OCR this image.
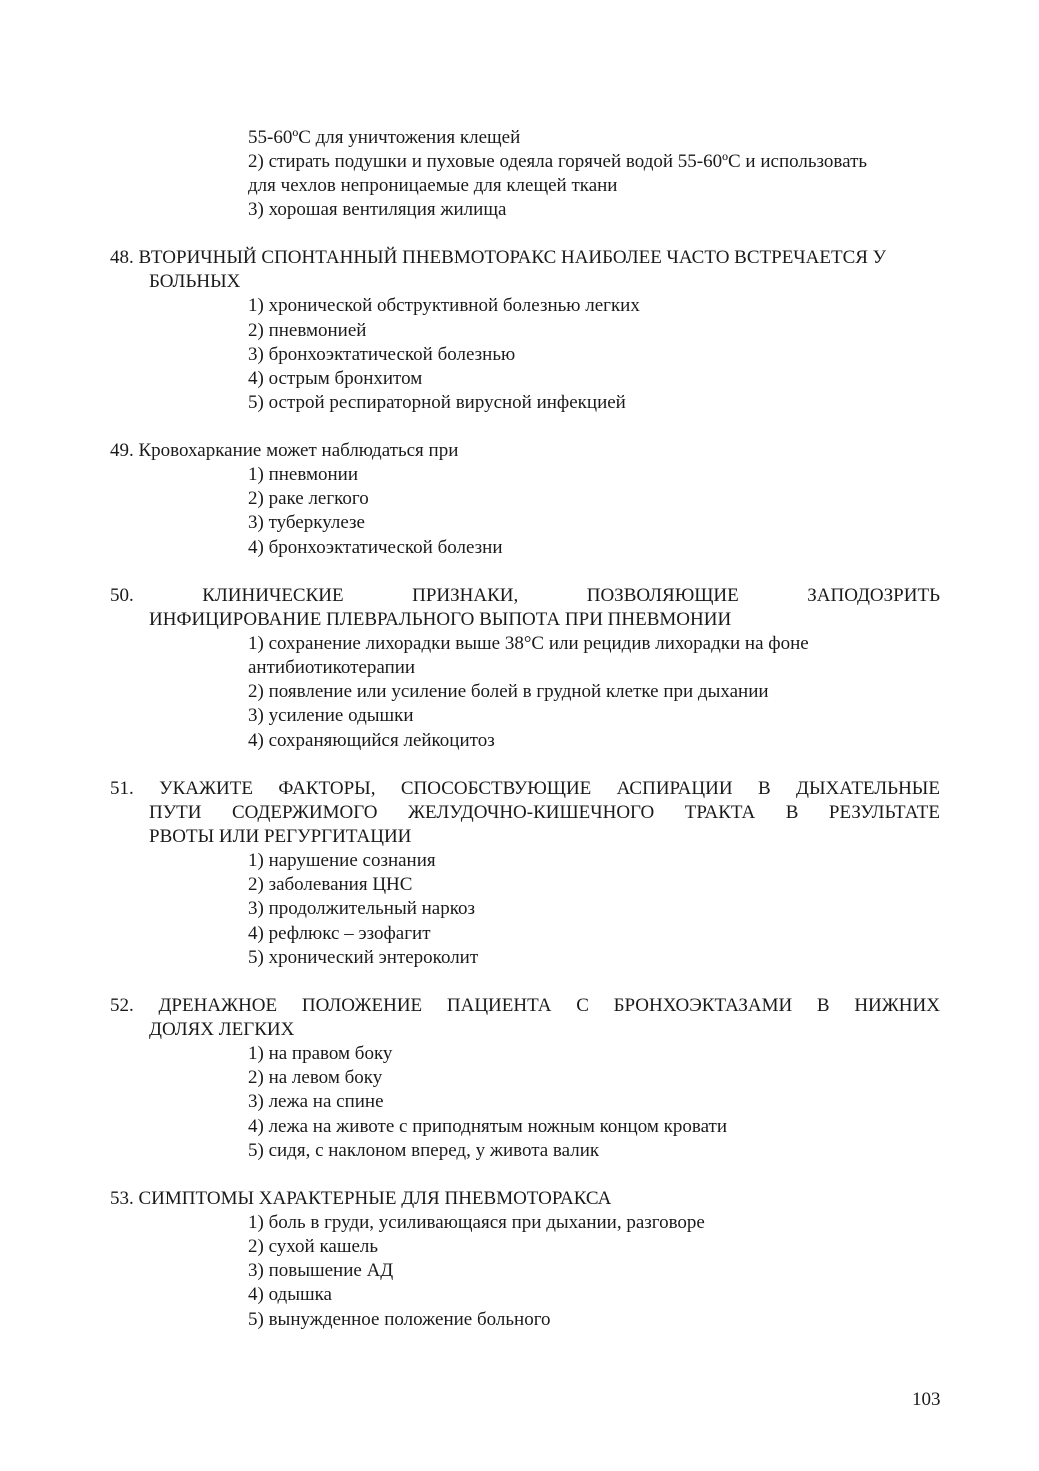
55-60ºС для уничтожения клещей
2) стирать подушки и пуховые одеяла горячей водой 55-60ºС и использовать
для чехлов непроницаемые для клещей ткани
3) хорошая вентиляция жилища
48. ВТОРИЧНЫЙ СПОНТАННЫЙ ПНЕВМОТОРАКС НАИБОЛЕЕ ЧАСТО ВСТРЕЧАЕТСЯ У
БОЛЬНЫХ
1) хронической обструктивной болезнью легких
2) пневмонией
3) бронхоэктатической болезнью
4) острым бронхитом
5) острой респираторной вирусной инфекцией
49. Кровохаркание может наблюдаться при
1) пневмонии
2) раке легкого
3) туберкулезе
4) бронхоэктатической болезни
50.	КЛИНИЧЕСКИЕ	ПРИЗНАКИ,	ПОЗВОЛЯЮЩИЕ	ЗАПОДОЗРИТЬ
ИНФИЦИРОВАНИЕ ПЛЕВРАЛЬНОГО ВЫПОТА ПРИ ПНЕВМОНИИ
1) сохранение лихорадки выше 38°С или рецидив лихорадки на фоне
антибиотикотерапии
2) появление или усиление болей в грудной клетке при дыхании
3) усиление одышки
4) сохраняющийся лейкоцитоз
51. УКАЖИТЕ ФАКТОРЫ, СПОСОБСТВУЮЩИЕ АСПИРАЦИИ В ДЫХАТЕЛЬНЫЕ
ПУТИ СОДЕРЖИМОГО ЖЕЛУДОЧНО-КИШЕЧНОГО ТРАКТА В РЕЗУЛЬТАТЕ
РВОТЫ ИЛИ РЕГУРГИТАЦИИ
1) нарушение сознания
2) заболевания ЦНС
3) продолжительный наркоз
4) рефлюкс – эзофагит
5) хронический энтероколит
52. ДРЕНАЖНОЕ ПОЛОЖЕНИЕ ПАЦИЕНТА С БРОНХОЭКТАЗАМИ В НИЖНИХ
ДОЛЯХ ЛЕГКИХ
1) на правом боку
2) на левом боку
3) лежа на спине
4) лежа на животе с приподнятым ножным концом кровати
5) сидя, с наклоном вперед, у живота валик
53. СИМПТОМЫ ХАРАКТЕРНЫЕ ДЛЯ ПНЕВМОТОРАКСА
1) боль в груди, усиливающаяся при дыхании, разговоре
2) сухой кашель
3) повышение АД
4) одышка
5) вынужденное положение больного
103
